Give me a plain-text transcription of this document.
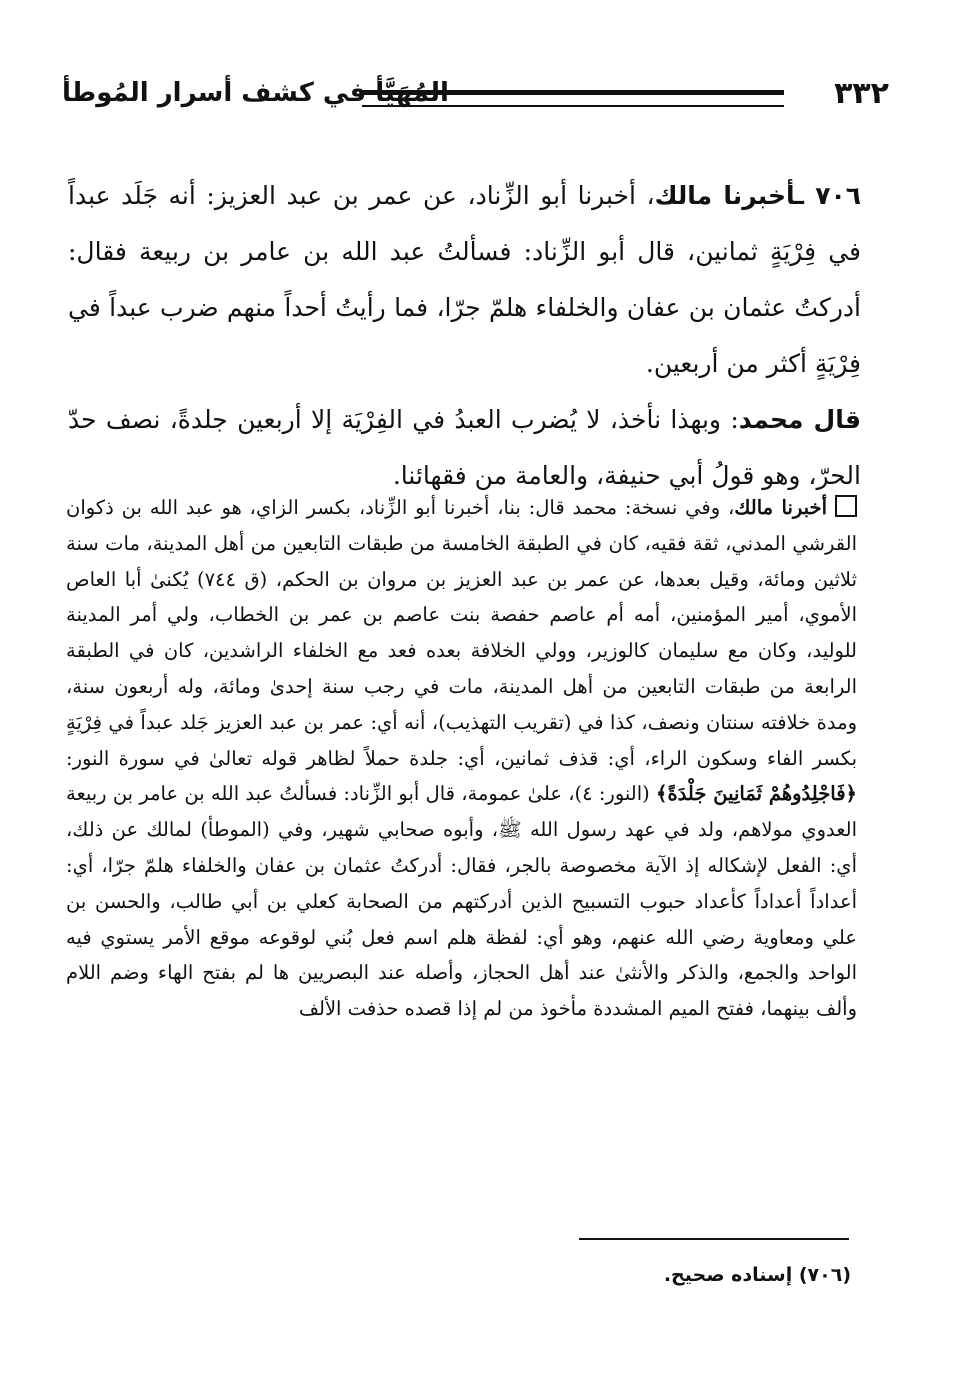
٣٣٢
المُهَيَّأ في كشف أسرار المُوطأ

٧٠٦ ـأخبرنا مالك، أخبرنا أبو الزِّناد، عن عمر بن عبد العزيز: أنه جَلَد عبداً في فِرْيَةٍ ثمانين، قال أبو الزِّناد: فسألتُ عبد الله بن عامر بن ربيعة فقال: أدركتُ عثمان بن عفان والخلفاء هلمّ جرّا، فما رأيتُ أحداً منهم ضرب عبداً في فِرْيَةٍ أكثر من أربعين.

قال محمد: وبهذا نأخذ، لا يُضرب العبدُ في الفِرْيَة إلا أربعين جلدةً، نصف حدّ الحرّ، وهو قولُ أبي حنيفة، والعامة من فقهائنا.

أخبرنا مالك، وفي نسخة: محمد قال: بنا، أخبرنا أبو الزِّناد، بكسر الزاي، هو عبد الله بن ذكوان القرشي المدني، ثقة فقيه، كان في الطبقة الخامسة من طبقات التابعين من أهل المدينة، مات سنة ثلاثين ومائة، وقيل بعدها، عن عمر بن عبد العزيز بن مروان بن الحكم، (ق ٧٤٤) يُكنىٰ أبا العاص الأموي، أمير المؤمنين، أمه أم عاصم حفصة بنت عاصم بن عمر بن الخطاب، ولي أمر المدينة للوليد، وكان مع سليمان كالوزير، وولي الخلافة بعده فعد مع الخلفاء الراشدين، كان في الطبقة الرابعة من طبقات التابعين من أهل المدينة، مات في رجب سنة إحدىٰ ومائة، وله أربعون سنة، ومدة خلافته سنتان ونصف، كذا في (تقريب التهذيب)، أنه أي: عمر بن عبد العزيز جَلد عبداً في فِرْيَةٍ بكسر الفاء وسكون الراء، أي: قذف ثمانين، أي: جلدة حملاً لظاهر قوله تعالىٰ في سورة النور: ﴿فَاجْلِدُوهُمْ ثَمَانِينَ جَلْدَةً﴾ (النور: ٤)، علىٰ عمومة، قال أبو الزِّناد: فسألتُ عبد الله بن عامر بن ربيعة العدوي مولاهم، ولد في عهد رسول الله ﷺ، وأبوه صحابي شهير، وفي (الموطأ) لمالك عن ذلك، أي: الفعل لإشكاله إذ الآية مخصوصة بالجر، فقال: أدركتُ عثمان بن عفان والخلفاء هلمّ جرّا، أي: أعداداً أعداداً كأعداد حبوب التسبيح الذين أدركتهم من الصحابة كعلي بن أبي طالب، والحسن بن علي ومعاوية رضي الله عنهم، وهو أي: لفظة هلم اسم فعل بُني لوقوعه موقع الأمر يستوي فيه الواحد والجمع، والذكر والأنثىٰ عند أهل الحجاز، وأصله عند البصريين ها لم بفتح الهاء وضم اللام وألف بينهما، ففتح الميم المشددة مأخوذ من لم إذا قصده حذفت الألف

(٧٠٦) إسناده صحيح.
